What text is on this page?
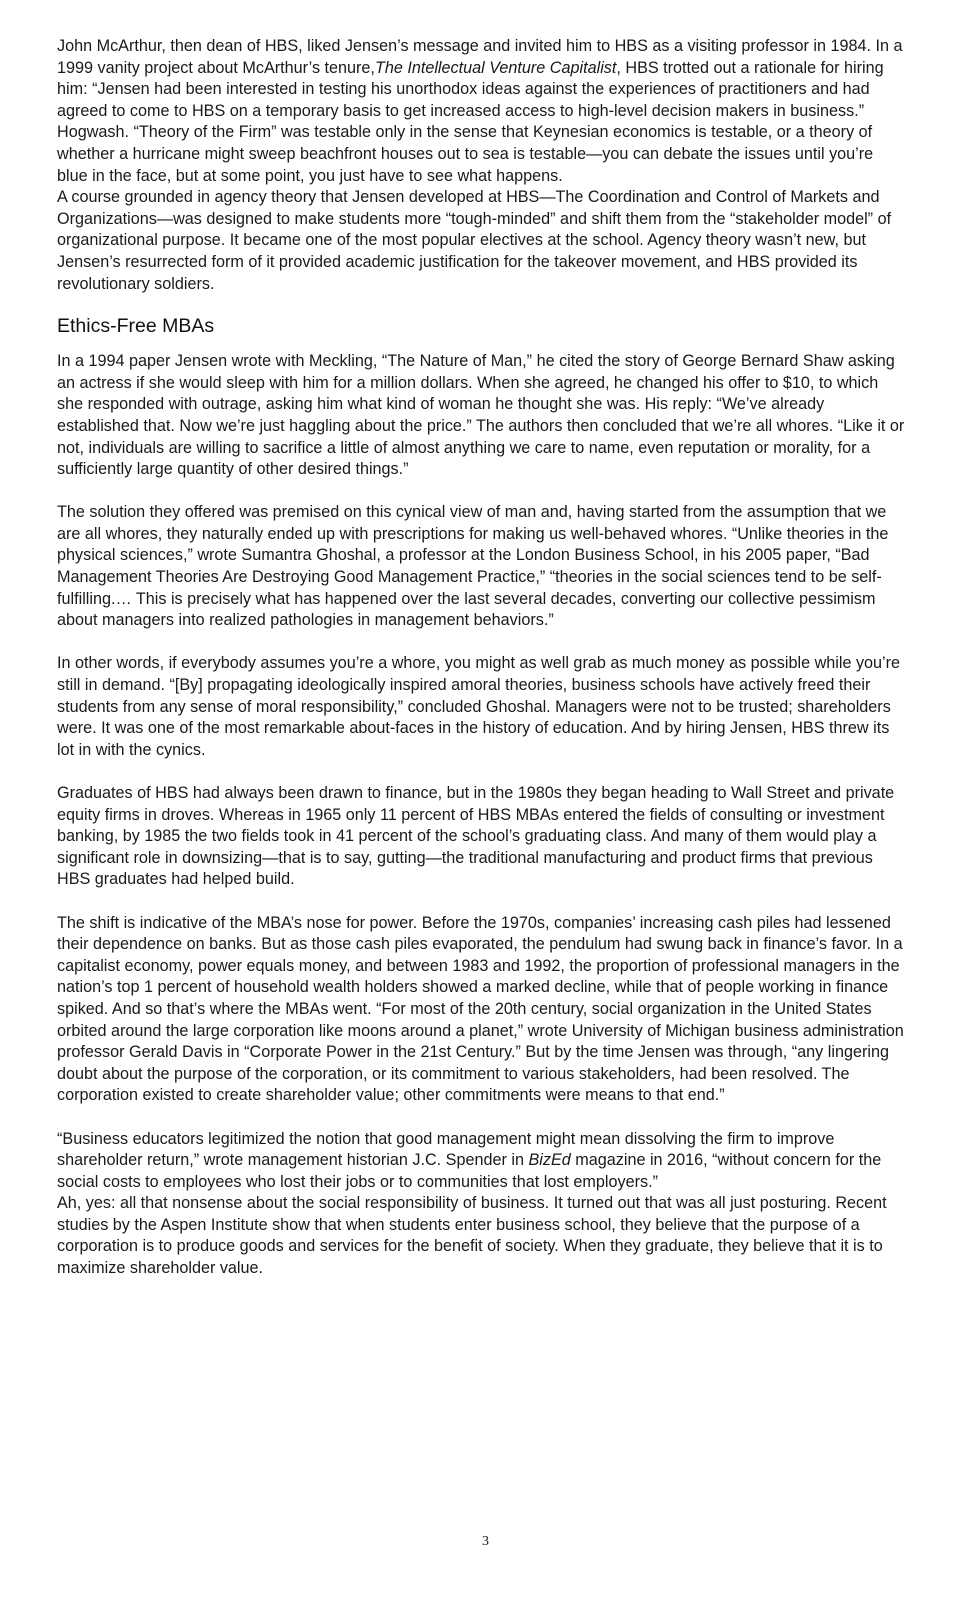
John McArthur, then dean of HBS, liked Jensen’s message and invited him to HBS as a visiting professor in 1984. In a 1999 vanity project about McArthur’s tenure,The Intellectual Venture Capitalist, HBS trotted out a rationale for hiring him: “Jensen had been interested in testing his unorthodox ideas against the experiences of practitioners and had agreed to come to HBS on a temporary basis to get increased access to high-level decision makers in business.” Hogwash. “Theory of the Firm” was testable only in the sense that Keynesian economics is testable, or a theory of whether a hurricane might sweep beachfront houses out to sea is testable—you can debate the issues until you’re blue in the face, but at some point, you just have to see what happens.

A course grounded in agency theory that Jensen developed at HBS—The Coordination and Control of Markets and Organizations—was designed to make students more “tough-minded” and shift them from the “stakeholder model” of organizational purpose. It became one of the most popular electives at the school. Agency theory wasn’t new, but Jensen’s resurrected form of it provided academic justification for the takeover movement, and HBS provided its revolutionary soldiers.

Ethics-Free MBAs

In a 1994 paper Jensen wrote with Meckling, “The Nature of Man,” he cited the story of George Bernard Shaw asking an actress if she would sleep with him for a million dollars. When she agreed, he changed his offer to $10, to which she responded with outrage, asking him what kind of woman he thought she was. His reply: “We’ve already established that. Now we’re just haggling about the price.” The authors then concluded that we’re all whores. “Like it or not, individuals are willing to sacrifice a little of almost anything we care to name, even reputation or morality, for a sufficiently large quantity of other desired things.”

The solution they offered was premised on this cynical view of man and, having started from the assumption that we are all whores, they naturally ended up with prescriptions for making us well-behaved whores. “Unlike theories in the physical sciences,” wrote Sumantra Ghoshal, a professor at the London Business School, in his 2005 paper, “Bad Management Theories Are Destroying Good Management Practice,” “theories in the social sciences tend to be self-fulfilling.… This is precisely what has happened over the last several decades, converting our collective pessimism about managers into realized pathologies in management behaviors.”

In other words, if everybody assumes you’re a whore, you might as well grab as much money as possible while you’re still in demand. “[By] propagating ideologically inspired amoral theories, business schools have actively freed their students from any sense of moral responsibility,” concluded Ghoshal. Managers were not to be trusted; shareholders were. It was one of the most remarkable about-faces in the history of education. And by hiring Jensen, HBS threw its lot in with the cynics.

Graduates of HBS had always been drawn to finance, but in the 1980s they began heading to Wall Street and private equity firms in droves. Whereas in 1965 only 11 percent of HBS MBAs entered the fields of consulting or investment banking, by 1985 the two fields took in 41 percent of the school’s graduating class. And many of them would play a significant role in downsizing—that is to say, gutting—the traditional manufacturing and product firms that previous HBS graduates had helped build.

The shift is indicative of the MBA’s nose for power. Before the 1970s, companies’ increasing cash piles had lessened their dependence on banks. But as those cash piles evaporated, the pendulum had swung back in finance’s favor. In a capitalist economy, power equals money, and between 1983 and 1992, the proportion of professional managers in the nation’s top 1 percent of household wealth holders showed a marked decline, while that of people working in finance spiked. And so that’s where the MBAs went. “For most of the 20th century, social organization in the United States orbited around the large corporation like moons around a planet,” wrote University of Michigan business administration professor Gerald Davis in “Corporate Power in the 21st Century.” But by the time Jensen was through, “any lingering doubt about the purpose of the corporation, or its commitment to various stakeholders, had been resolved. The corporation existed to create shareholder value; other commitments were means to that end.”

“Business educators legitimized the notion that good management might mean dissolving the firm to improve shareholder return,” wrote management historian J.C. Spender in BizEd magazine in 2016, “without concern for the social costs to employees who lost their jobs or to communities that lost employers.”

Ah, yes: all that nonsense about the social responsibility of business. It turned out that was all just posturing. Recent studies by the Aspen Institute show that when students enter business school, they believe that the purpose of a corporation is to produce goods and services for the benefit of society. When they graduate, they believe that it is to maximize shareholder value.

3
